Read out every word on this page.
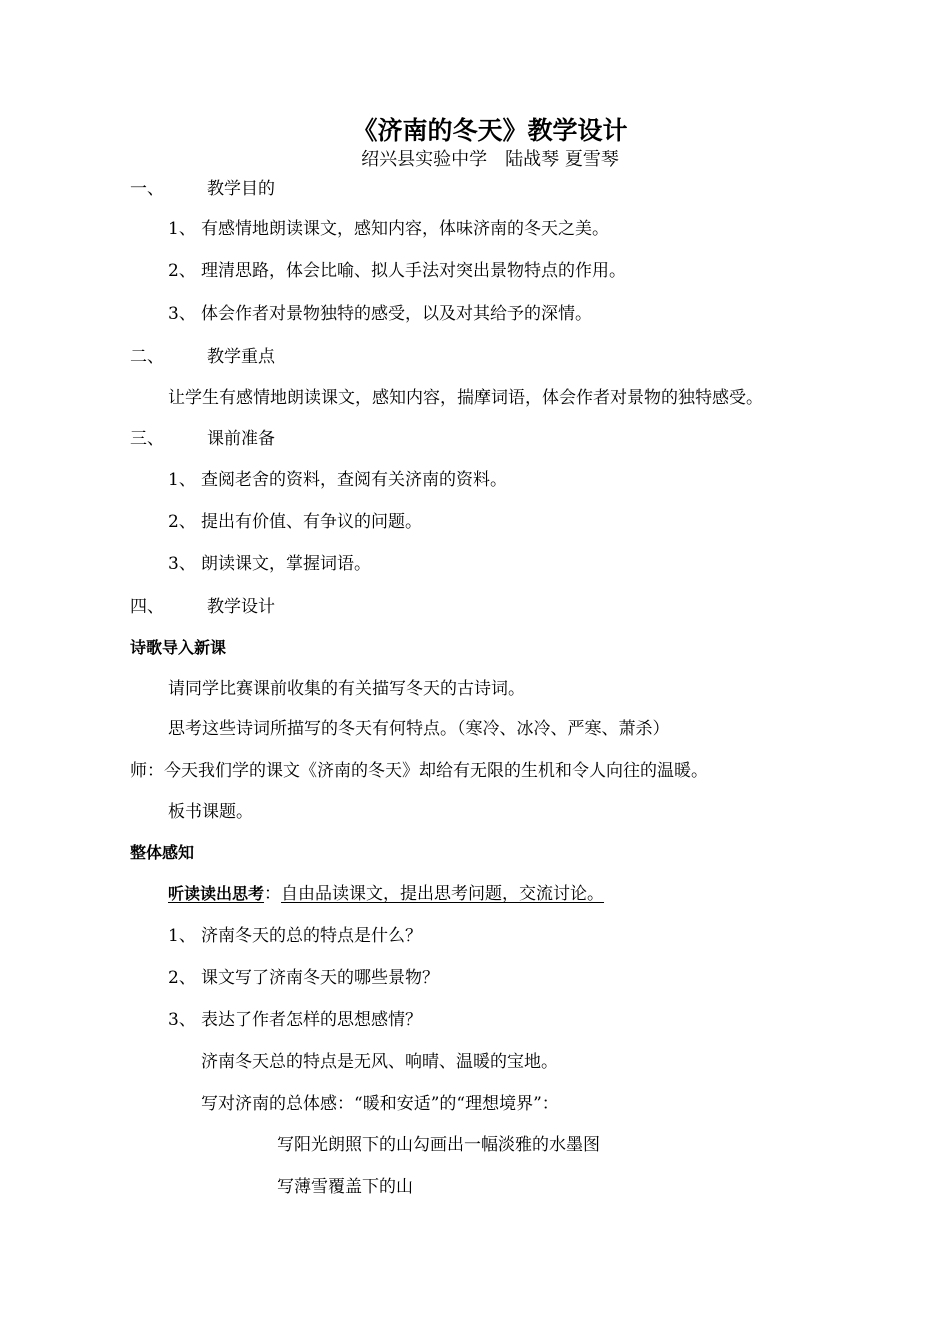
《济南的冬天》教学设计
绍兴县实验中学　陆战琴 夏雪琴
一、	教学目的
1、 有感情地朗读课文，感知内容，体味济南的冬天之美。
2、 理清思路，体会比喻、拟人手法对突出景物特点的作用。
3、 体会作者对景物独特的感受，以及对其给予的深情。
二、	教学重点
让学生有感情地朗读课文，感知内容，揣摩词语，体会作者对景物的独特感受。
三、	课前准备
1、 查阅老舍的资料，查阅有关济南的资料。
2、 提出有价值、有争议的问题。
3、 朗读课文，掌握词语。
四、	教学设计
诗歌导入新课
请同学比赛课前收集的有关描写冬天的古诗词。
思考这些诗词所描写的冬天有何特点。（寒冷、冰冷、严寒、萧杀）
师：今天我们学的课文《济南的冬天》却给有无限的生机和令人向往的温暖。
板书课题。
整体感知
听读读出思考：自由品读课文，提出思考问题，交流讨论。
1、 济南冬天的总的特点是什么？
2、 课文写了济南冬天的哪些景物？
3、 表达了作者怎样的思想感情？
济南冬天总的特点是无风、响晴、温暖的宝地。
写对济南的总体感：“暖和安适”的“理想境界”：
写阳光朗照下的山勾画出一幅淡雅的水墨图
写薄雪覆盖下的山
